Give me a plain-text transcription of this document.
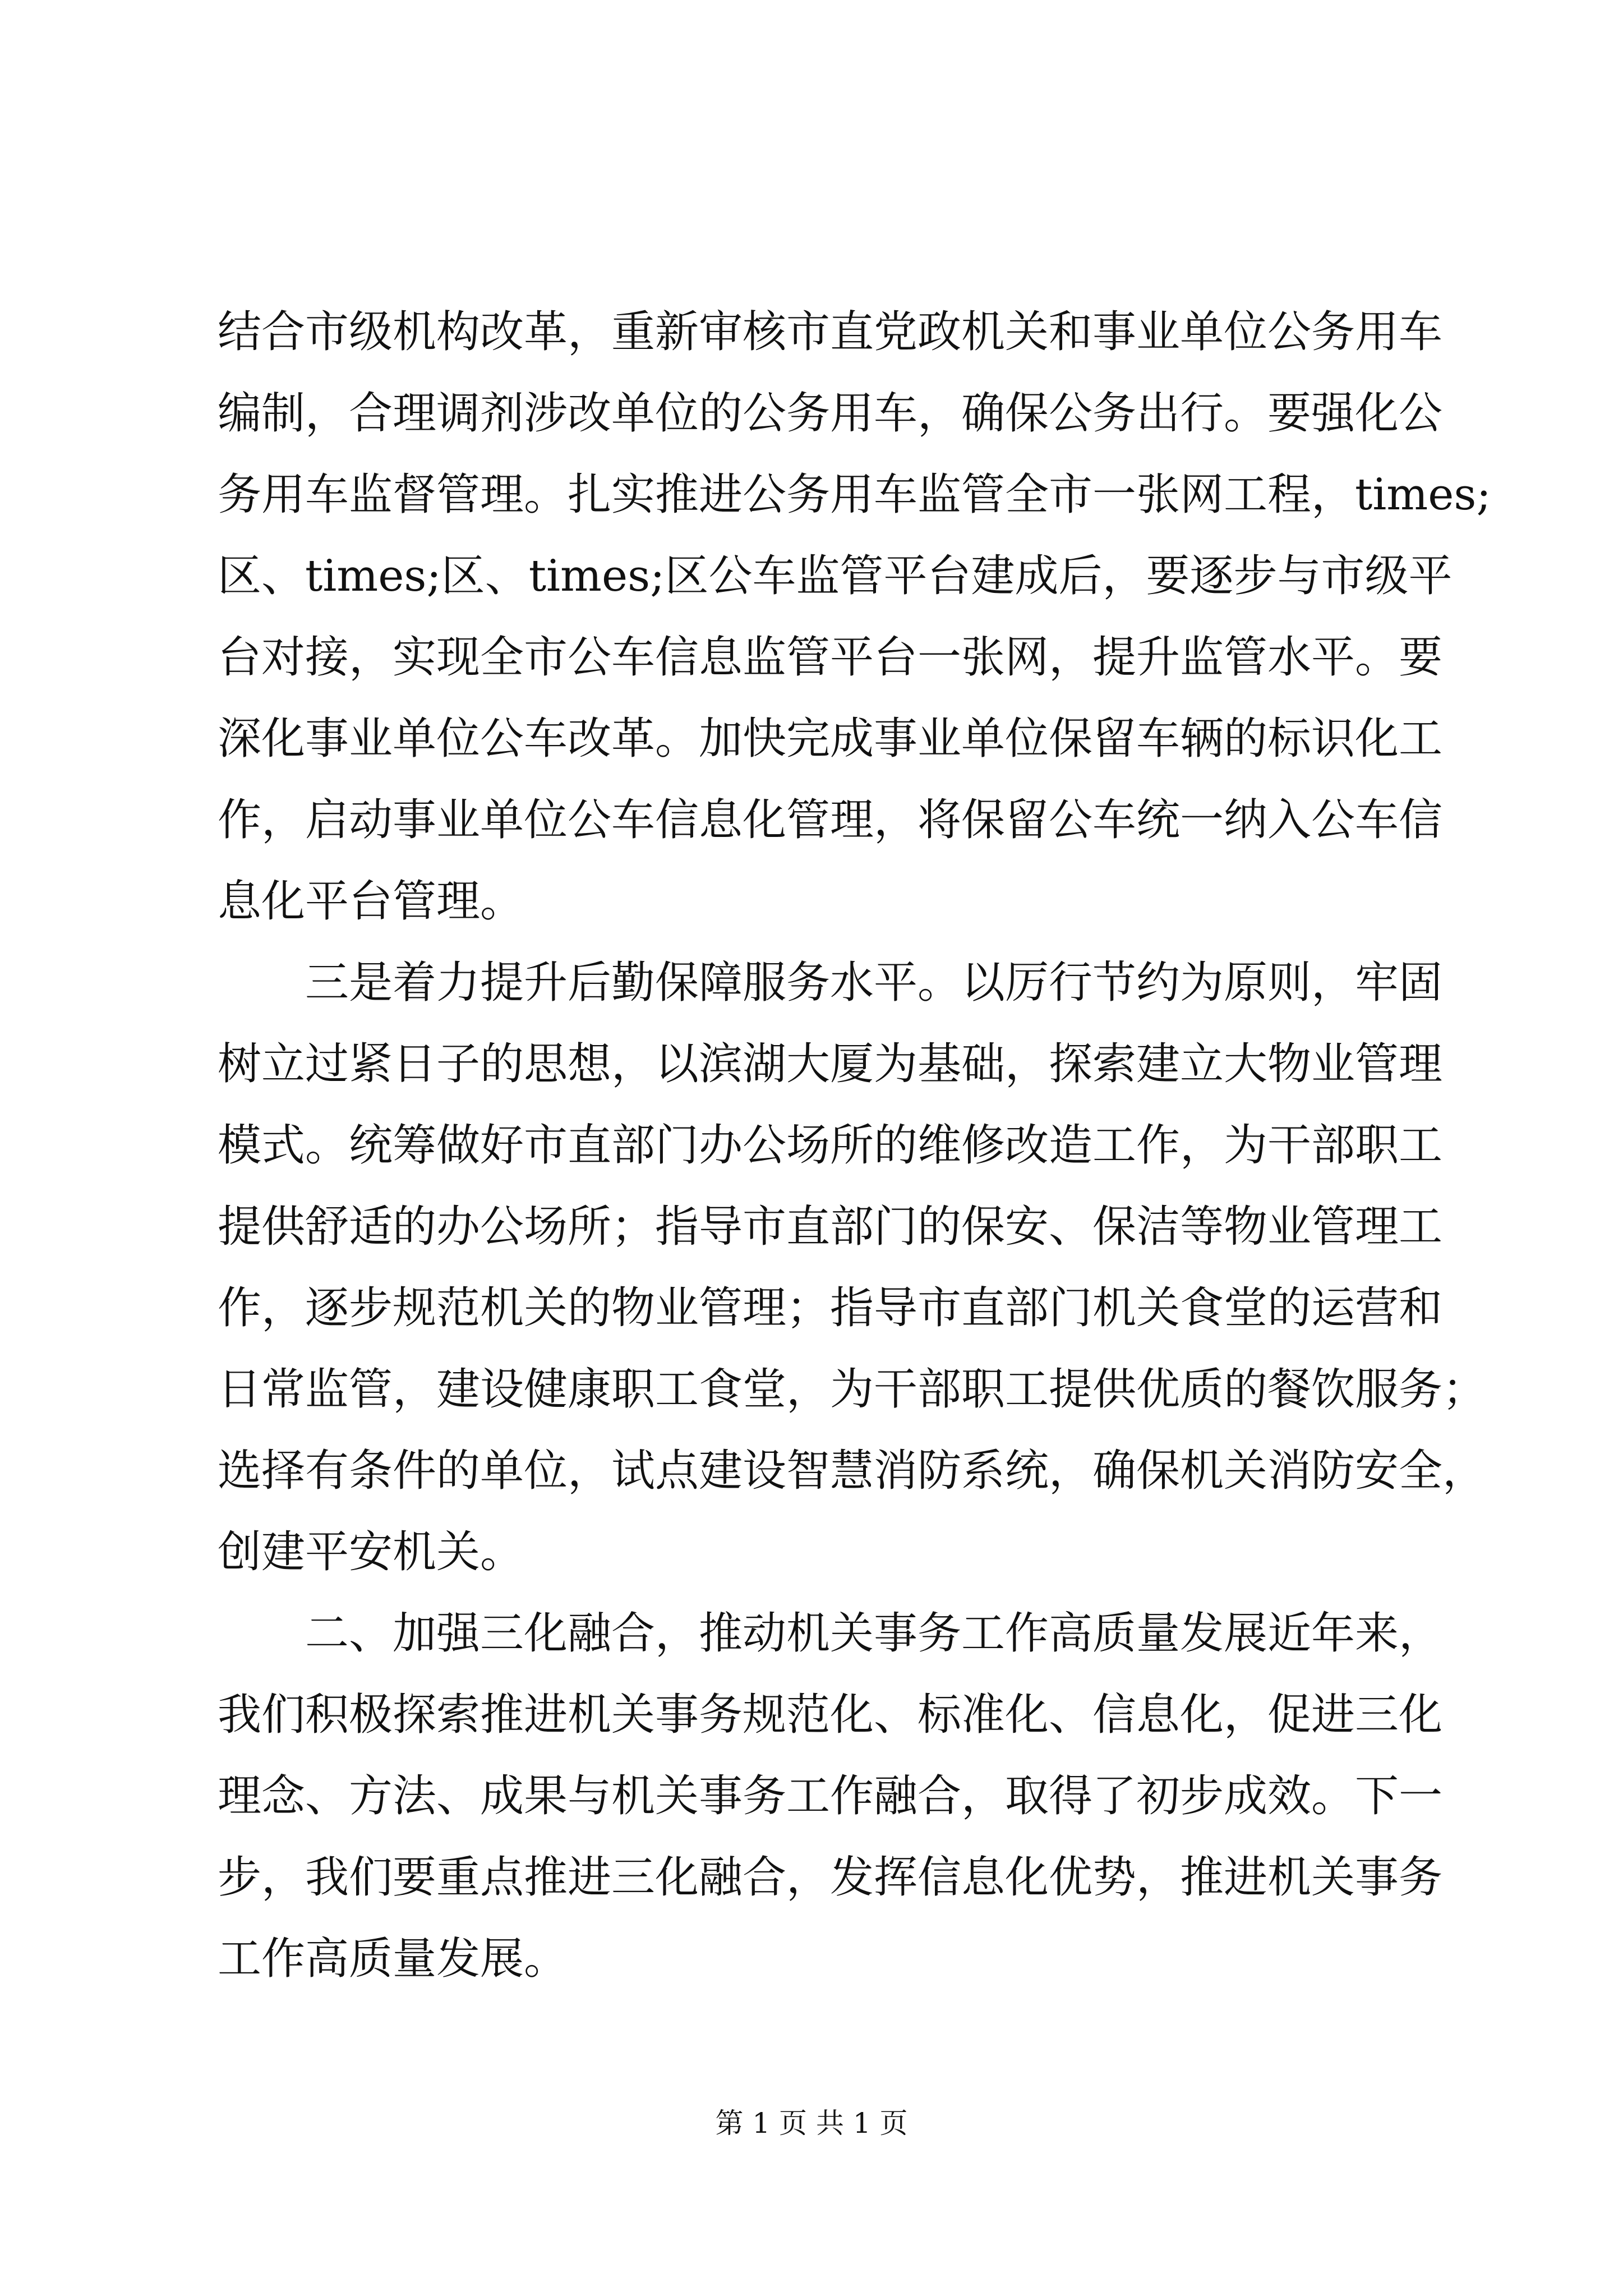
结合市级机构改革，重新审核市直党政机关和事业单位公务用车
编制，合理调剂涉改单位的公务用车，确保公务出行。要强化公
务用车监督管理。扎实推进公务用车监管全市一张网工程，times;
区、times;区、times;区公车监管平台建成后，要逐步与市级平
台对接，实现全市公车信息监管平台一张网，提升监管水平。要
深化事业单位公车改革。加快完成事业单位保留车辆的标识化工
作，启动事业单位公车信息化管理，将保留公车统一纳入公车信
息化平台管理。
三是着力提升后勤保障服务水平。以厉行节约为原则，牢固
树立过紧日子的思想，以滨湖大厦为基础，探索建立大物业管理
模式。统筹做好市直部门办公场所的维修改造工作，为干部职工
提供舒适的办公场所；指导市直部门的保安、保洁等物业管理工
作，逐步规范机关的物业管理；指导市直部门机关食堂的运营和
日常监管，建设健康职工食堂，为干部职工提供优质的餐饮服务；
选择有条件的单位，试点建设智慧消防系统，确保机关消防安全，
创建平安机关。
二、加强三化融合，推动机关事务工作高质量发展近年来，
我们积极探索推进机关事务规范化、标准化、信息化，促进三化
理念、方法、成果与机关事务工作融合，取得了初步成效。下一
步，我们要重点推进三化融合，发挥信息化优势，推进机关事务
工作高质量发展。
第 1 页 共 1 页
